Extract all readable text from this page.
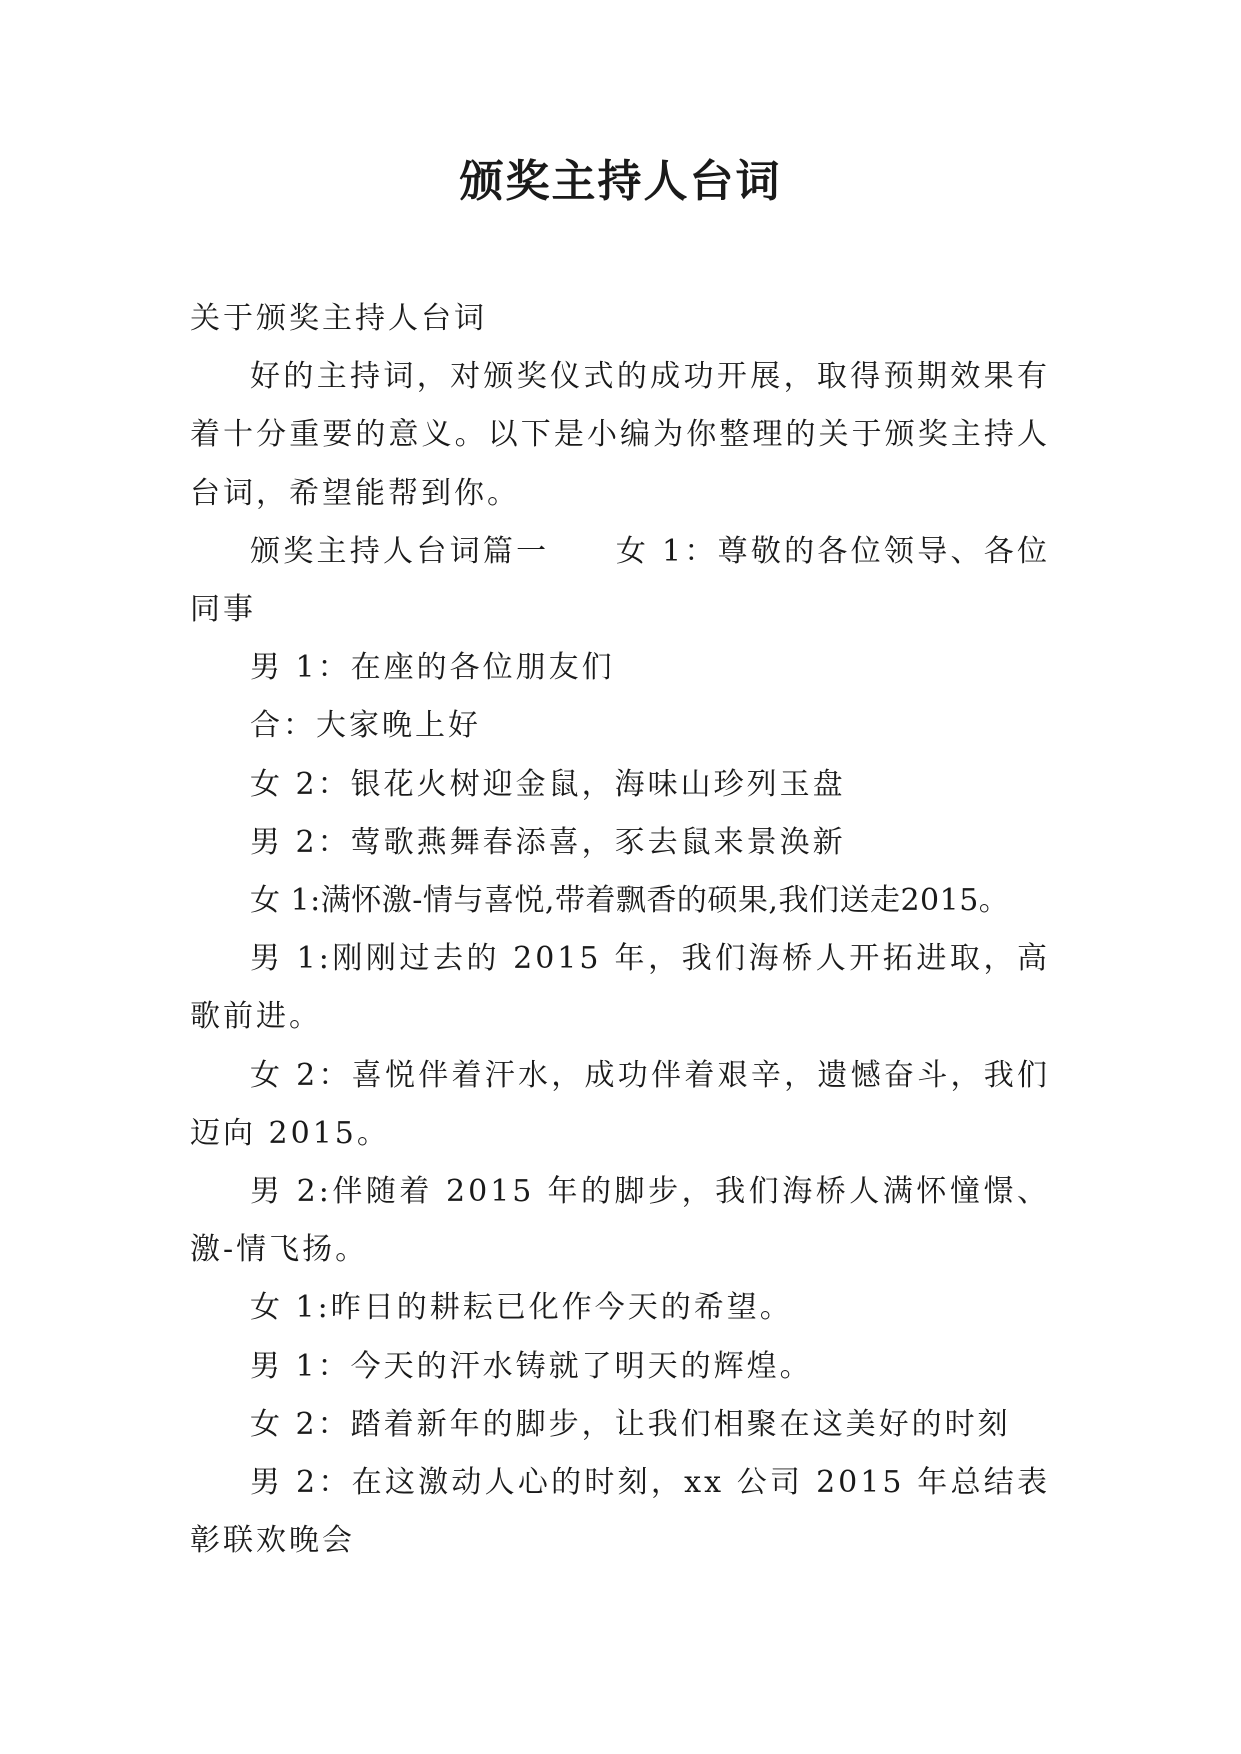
颁奖主持人台词

关于颁奖主持人台词

好的主持词，对颁奖仪式的成功开展，取得预期效果有着十分重要的意义。以下是小编为你整理的关于颁奖主持人台词，希望能帮到你。

颁奖主持人台词篇一　　女 1：尊敬的各位领导、各位同事

男 1：在座的各位朋友们

合：大家晚上好

女 2：银花火树迎金鼠，海味山珍列玉盘

男 2：莺歌燕舞春添喜，豕去鼠来景涣新

女 1:满怀激-情与喜悦,带着飘香的硕果,我们送走2015。

男 1:刚刚过去的 2015 年，我们海桥人开拓进取，高歌前进。

女 2：喜悦伴着汗水，成功伴着艰辛，遗憾奋斗，我们迈向 2015。

男 2:伴随着 2015 年的脚步，我们海桥人满怀憧憬、激-情飞扬。

女 1:昨日的耕耘已化作今天的希望。

男 1：今天的汗水铸就了明天的辉煌。

女 2：踏着新年的脚步，让我们相聚在这美好的时刻

男 2：在这激动人心的时刻，xx 公司 2015 年总结表 彰联欢晚会
